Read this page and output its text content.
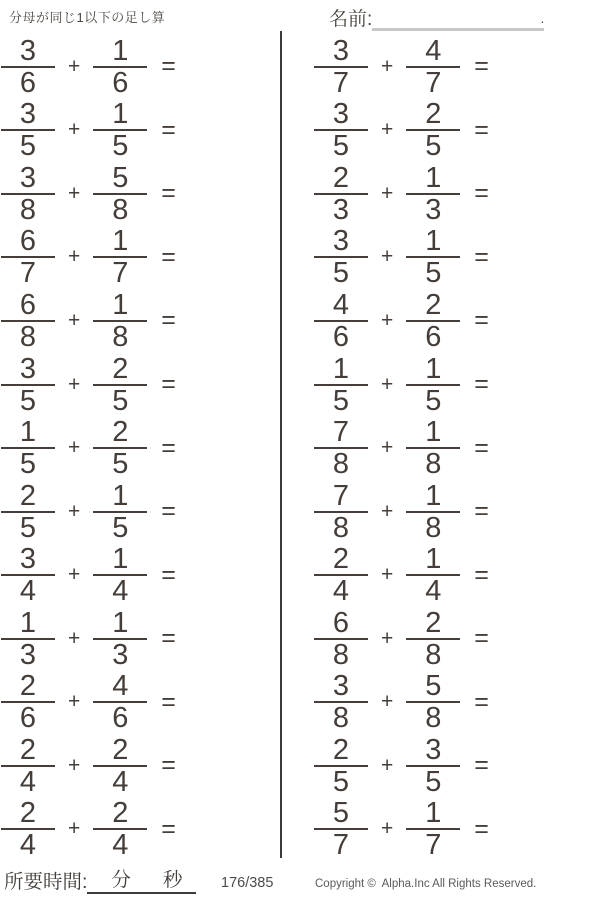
分母が同じ1以下の足し算	名前:	.
$\frac{3}{6} + \frac{1}{6}$ =
$\frac{3}{5} + \frac{1}{5}$ =
$\frac{3}{8} + \frac{5}{8}$ =
$\frac{6}{7} + \frac{1}{7}$ =
$\frac{6}{8} + \frac{1}{8}$ =
$\frac{3}{5} + \frac{2}{5}$ =
$\frac{1}{5} + \frac{2}{5}$ =
$\frac{2}{5} + \frac{1}{5}$ =
$\frac{3}{4} + \frac{1}{4}$ =
$\frac{1}{3} + \frac{1}{3}$ =
$\frac{2}{6} + \frac{4}{6}$ =
$\frac{2}{4} + \frac{2}{4}$ =
$\frac{2}{4} + \frac{2}{4}$ =
$\frac{3}{7} + \frac{4}{7}$ =
$\frac{3}{5} + \frac{2}{5}$ =
$\frac{2}{3} + \frac{1}{3}$ =
$\frac{3}{5} + \frac{1}{5}$ =
$\frac{4}{6} + \frac{2}{6}$ =
$\frac{1}{5} + \frac{1}{5}$ =
$\frac{7}{8} + \frac{1}{8}$ =
$\frac{7}{8} + \frac{1}{8}$ =
$\frac{2}{4} + \frac{1}{4}$ =
$\frac{6}{8} + \frac{2}{8}$ =
$\frac{3}{8} + \frac{5}{8}$ =
$\frac{2}{5} + \frac{3}{5}$ =
$\frac{5}{7} + \frac{1}{7}$ =
所要時間: 分 秒	176/385	Copyright ©  Alpha.Inc All Rights Reserved.
